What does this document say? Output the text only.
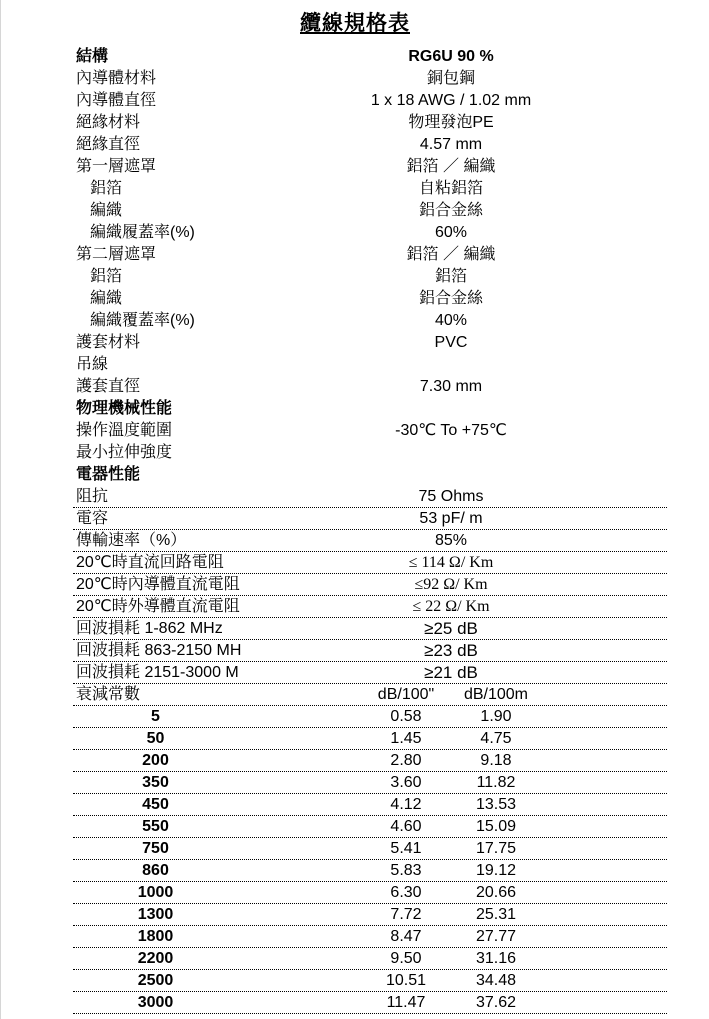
纜線規格表
結構	RG6U 90 %
內導體材料	銅包鋼
內導體直徑	1 x 18 AWG / 1.02 mm
絕緣材料	物理發泡PE
絕緣直徑	4.57 mm
第一層遮罩	鋁箔 ／ 編織
鋁箔	自粘鋁箔
編織	鋁合金絲
編織履蓋率(%)	60%
第二層遮罩	鋁箔 ／ 編織
鋁箔	鋁箔
編織	鋁合金絲
編織覆蓋率(%)	40%
護套材料	PVC
吊線
護套直徑	7.30 mm
物理機械性能
操作溫度範圍	-30℃ To +75℃
最小拉伸強度
電器性能
阻抗	75 Ohms
電容	53 pF/ m
傳輸速率（%）	85%
20℃時直流回路電阻	≤ 114 Ω/ Km
20℃時內導體直流電阻	≤92 Ω/ Km
20℃時外導體直流電阻	≤ 22 Ω/ Km
回波損耗 1-862 MHz	≥25 dB
回波損耗 863-2150 MH	≥23 dB
回波損耗 2151-3000 M	≥21 dB
衰減常數	dB/100"	dB/100m
5	0.58	1.90
50	1.45	4.75
200	2.80	9.18
350	3.60	11.82
450	4.12	13.53
550	4.60	15.09
750	5.41	17.75
860	5.83	19.12
1000	6.30	20.66
1300	7.72	25.31
1800	8.47	27.77
2200	9.50	31.16
2500	10.51	34.48
3000	11.47	37.62
